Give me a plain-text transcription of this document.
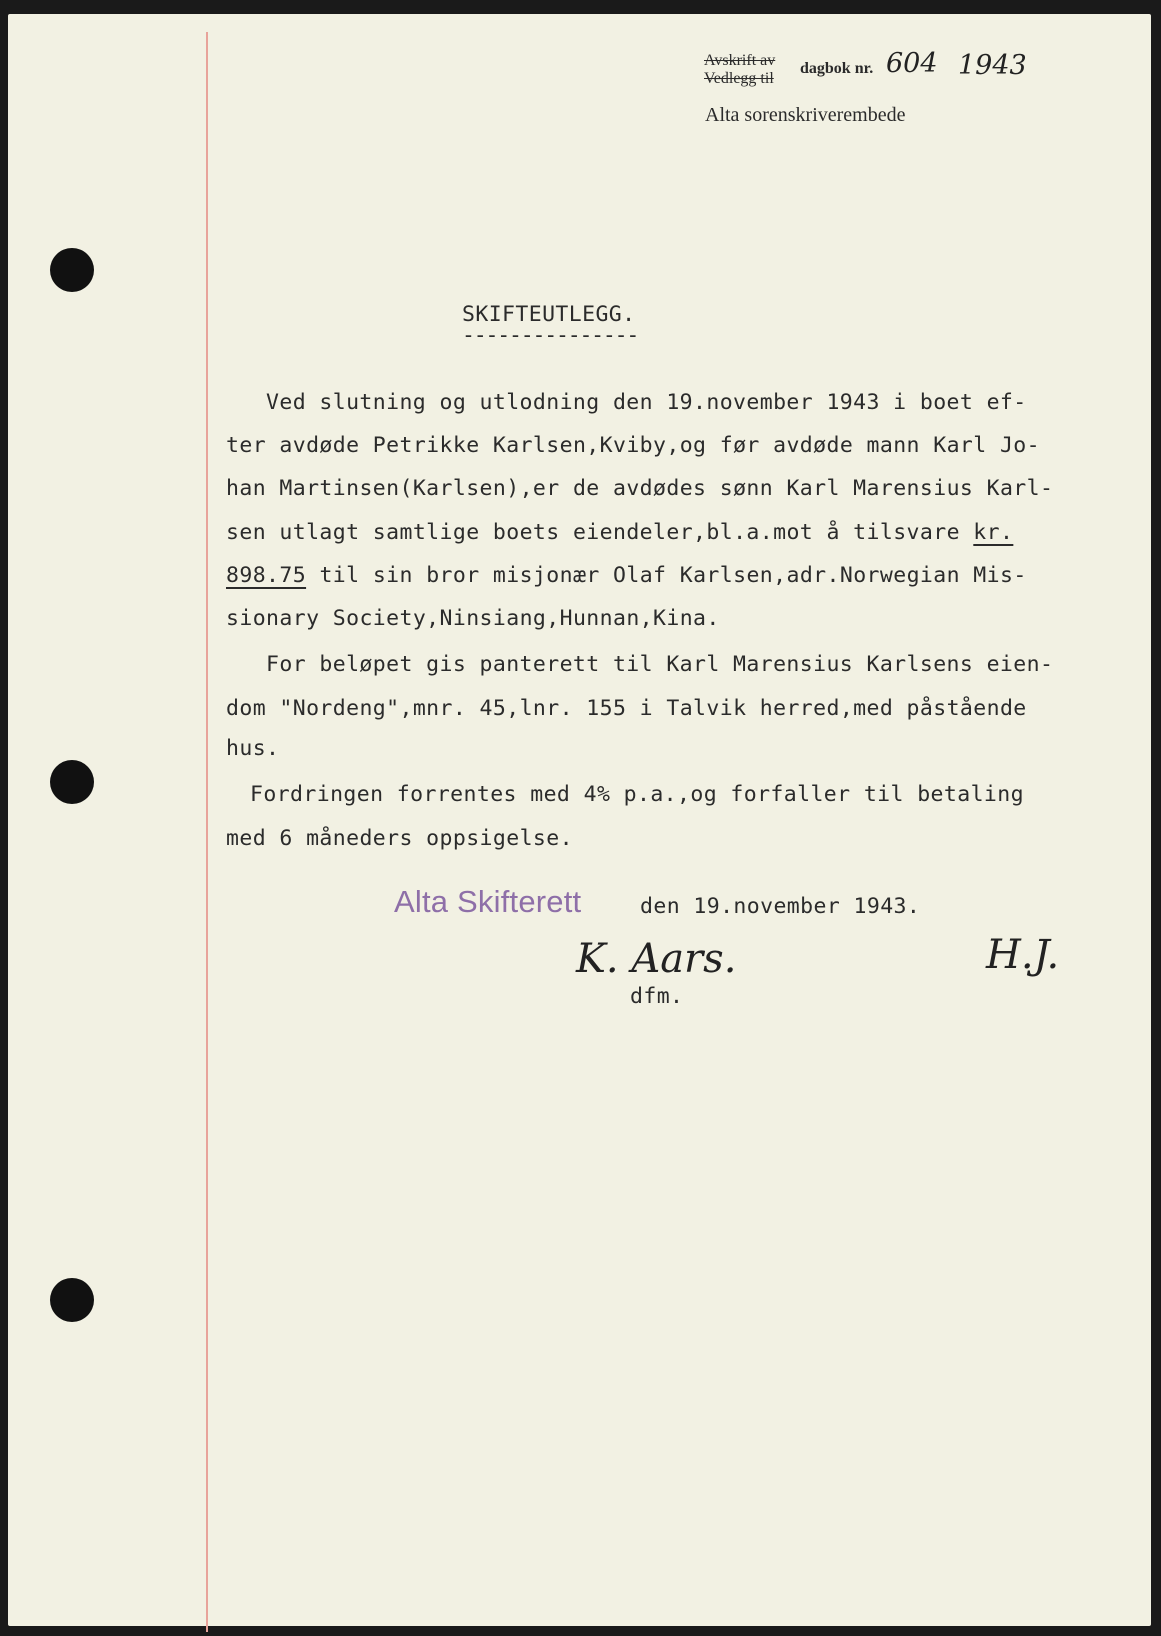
Avskrift av
Vedlegg til
dagbok nr. 604 1943
Alta sorenskriverembede
SKIFTEUTLEGG.
---------------
Ved slutning og utlodning den 19.november 1943 i boet ef-
ter avdøde Petrikke Karlsen,Kviby,og før avdøde mann Karl Jo-
han Martinsen(Karlsen),er de avdødes sønn Karl Marensius Karl-
sen utlagt samtlige boets eiendeler,bl.a.mot å tilsvare kr.
898.75 til sin bror misjonær Olaf Karlsen,adr.Norwegian Mis-
sionary Society,Ninsiang,Hunnan,Kina.
For beløpet gis panterett til Karl Marensius Karlsens eien-
dom "Nordeng",mnr. 45,lnr. 155 i Talvik herred,med påstående
hus.
Fordringen forrentes med 4% p.a.,og forfaller til betaling
med 6 måneders oppsigelse.
Alta Skifterett	den 19.november 1943.
K. Aars.
dfm.
H.J.
